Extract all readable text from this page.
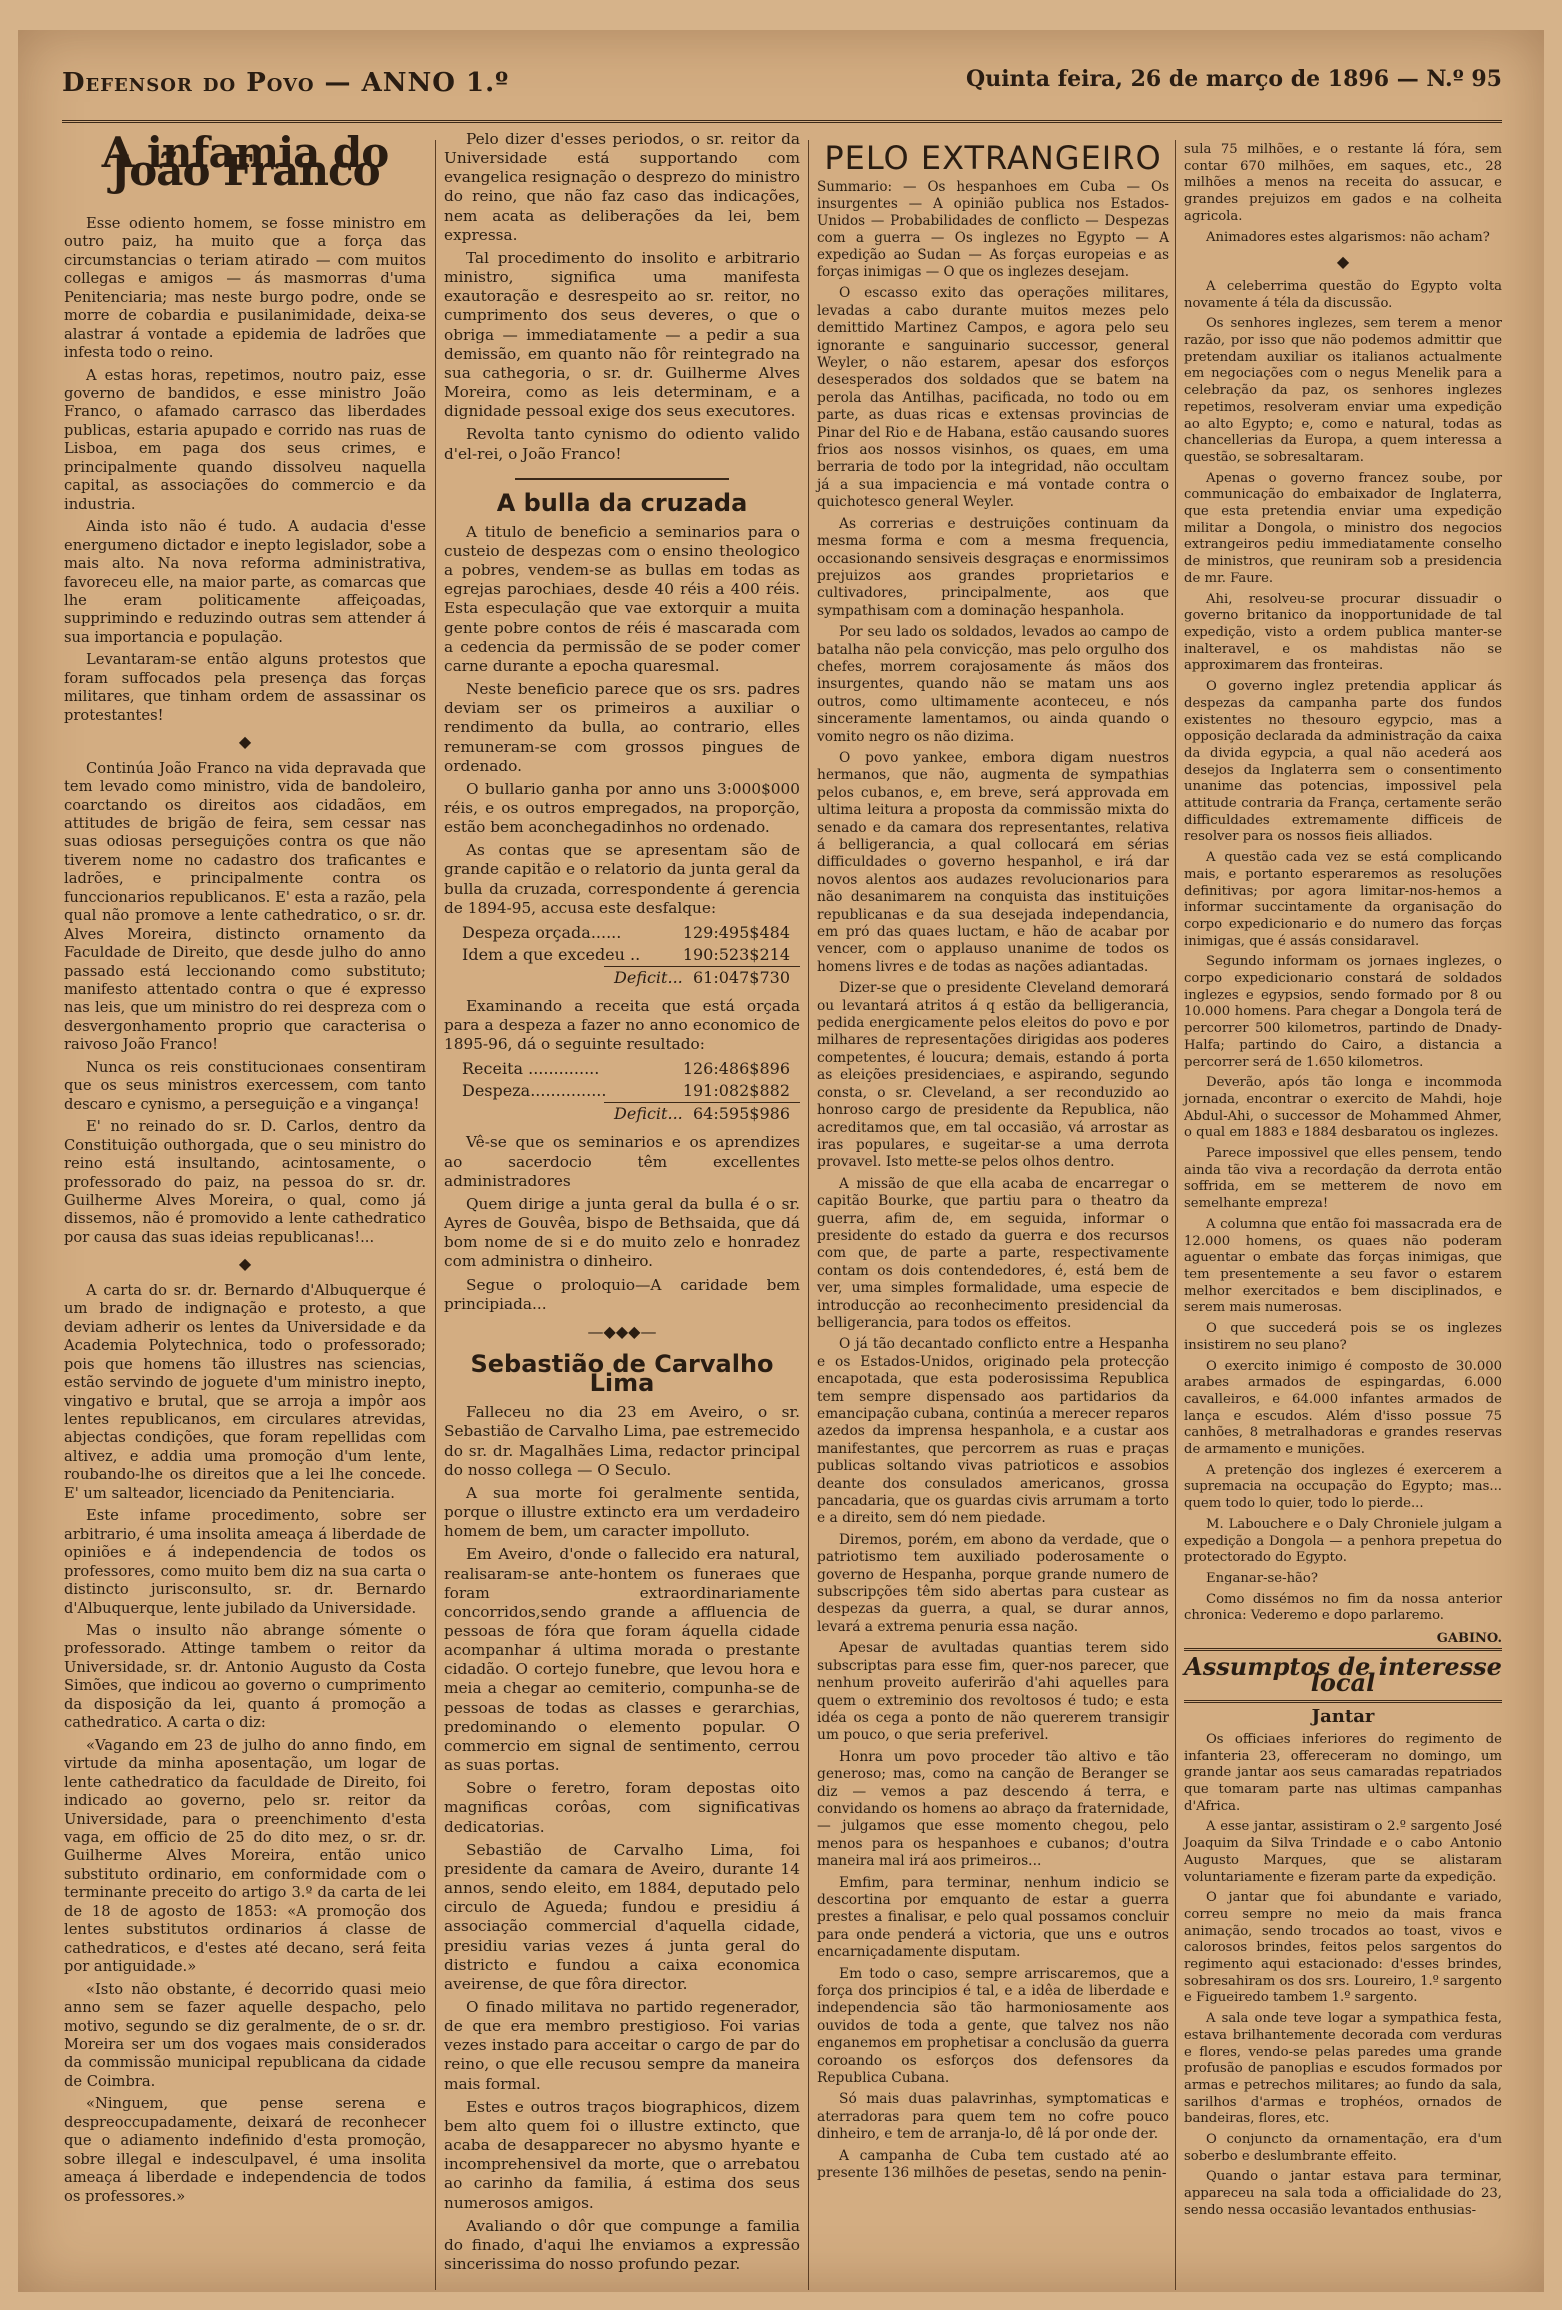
Defensor do Povo — ANNO 1.º	Quinta feira, 26 de março de 1896 — N.º 95
A infamia do João Franco

Esse odiento homem, se fosse ministro em outro paiz, ha muito que a força das circumstancias o teriam atirado — com muitos collegas e amigos — ás masmorras d'uma Penitenciaria; mas neste burgo podre, onde se morre de cobardia e pusilanimidade, deixa-se alastrar á vontade a epidemia de ladrões que infesta todo o reino.

A estas horas, repetimos, noutro paiz, esse governo de bandidos, e esse ministro João Franco, o afamado carrasco das liberdades publicas, estaria apupado e corrido nas ruas de Lisboa, em paga dos seus crimes, e principalmente quando dissolveu naquella capital, as associações do commercio e da industria.

Ainda isto não é tudo. A audacia d'esse energumeno dictador e inepto legislador, sobe a mais alto. Na nova reforma administrativa, favoreceu elle, na maior parte, as comarcas que lhe eram politicamente affeiçoadas, supprimindo e reduzindo outras sem attender á sua importancia e população.

Levantaram-se então alguns protestos que foram suffocados pela presença das forças militares, que tinham ordem de assassinar os protestantes!

◆

Continúa João Franco na vida depravada que tem levado como ministro, vida de bandoleiro, coarctando os direitos aos cidadãos, em attitudes de brigão de feira, sem cessar nas suas odiosas perseguições contra os que não tiverem nome no cadastro dos traficantes e ladrões, e principalmente contra os funccionarios republicanos. E' esta a razão, pela qual não promove a lente cathedratico, o sr. dr. Alves Moreira, distincto ornamento da Faculdade de Direito, que desde julho do anno passado está leccionando como substituto; manifesto attentado contra o que é expresso nas leis, que um ministro do rei despreza com o desvergonhamento proprio que caracterisa o raivoso João Franco!

Nunca os reis constitucionaes consentiram que os seus ministros exercessem, com tanto descaro e cynismo, a perseguição e a vingança!

E' no reinado do sr. D. Carlos, dentro da Constituição outhorgada, que o seu ministro do reino está insultando, acintosamente, o professorado do paiz, na pessoa do sr. dr. Guilherme Alves Moreira, o qual, como já dissemos, não é promovido a lente cathedratico por causa das suas ideias republicanas!...

◆

A carta do sr. dr. Bernardo d'Albuquerque é um brado de indignação e protesto, a que deviam adherir os lentes da Universidade e da Academia Polytechnica, todo o professorado; pois que homens tão illustres nas sciencias, estão servindo de joguete d'um ministro inepto, vingativo e brutal, que se arroja a impôr aos lentes republicanos, em circulares atrevidas, abjectas condições, que foram repellidas com altivez, e addia uma promoção d'um lente, roubando-lhe os direitos que a lei lhe concede. E' um salteador, licenciado da Penitenciaria.

Este infame procedimento, sobre ser arbitrario, é uma insolita ameaça á liberdade de opiniões e á independencia de todos os professores, como muito bem diz na sua carta o distincto jurisconsulto, sr. dr. Bernardo d'Albuquerque, lente jubilado da Universidade.

Mas o insulto não abrange sómente o professorado. Attinge tambem o reitor da Universidade, sr. dr. Antonio Augusto da Costa Simões, que indicou ao governo o cumprimento da disposição da lei, quanto á promoção a cathedratico. A carta o diz:

«Vagando em 23 de julho do anno findo, em virtude da minha aposentação, um logar de lente cathedratico da faculdade de Direito, foi indicado ao governo, pelo sr. reitor da Universidade, para o preenchimento d'esta vaga, em officio de 25 do dito mez, o sr. dr. Guilherme Alves Moreira, então unico substituto ordinario, em conformidade com o terminante preceito do artigo 3.º da carta de lei de 18 de agosto de 1853: «A promoção dos lentes substitutos ordinarios á classe de cathedraticos, e d'estes até decano, será feita por antiguidade.»

«Isto não obstante, é decorrido quasi meio anno sem se fazer aquelle despacho, pelo motivo, segundo se diz geralmente, de o sr. dr. Moreira ser um dos vogaes mais considerados da commissão municipal republicana da cidade de Coimbra.

«Ninguem, que pense serena e despreoccupadamente, deixará de reconhecer que o adiamento indefinido d'esta promoção, sobre illegal e indesculpavel, é uma insolita ameaça á liberdade e independencia de todos os professores.»

Pelo dizer d'esses periodos, o sr. reitor da Universidade está supportando com evangelica resignação o desprezo do ministro do reino, que não faz caso das indicações, nem acata as deliberações da lei, bem expressa.

Tal procedimento do insolito e arbitrario ministro, significa uma manifesta exautoração e desrespeito ao sr. reitor, no cumprimento dos seus deveres, o que o obriga — immediatamente — a pedir a sua demissão, em quanto não fôr reintegrado na sua cathegoria, o sr. dr. Guilherme Alves Moreira, como as leis determinam, e a dignidade pessoal exige dos seus executores.

Revolta tanto cynismo do odiento valido d'el-rei, o João Franco!

A bulla da cruzada

A titulo de beneficio a seminarios para o custeio de despezas com o ensino theologico a pobres, vendem-se as bullas em todas as egrejas parochiaes, desde 40 réis a 400 réis. Esta especulação que vae extorquir a muita gente pobre contos de réis é mascarada com a cedencia da permissão de se poder comer carne durante a epocha quaresmal.

Neste beneficio parece que os srs. padres deviam ser os primeiros a auxiliar o rendimento da bulla, ao contrario, elles remuneram-se com grossos pingues de ordenado.

O bullario ganha por anno uns 3:000$000 réis, e os outros empregados, na proporção, estão bem aconchegadinhos no ordenado.

As contas que se apresentam são de grande capitão e o relatorio da junta geral da bulla da cruzada, correspondente á gerencia de 1894-95, accusa este desfalque:

Despeza orçada......	129:495$484
Idem a que excedeu ..	190:523$214
Deficit... 61:047$730

Examinando a receita que está orçada para a despeza a fazer no anno economico de 1895-96, dá o seguinte resultado:

Receita ..............	126:486$896
Despeza...............	191:082$882
Deficit... 64:595$986

Vê-se que os seminarios e os aprendizes ao sacerdocio têm excellentes administradores

Quem dirige a junta geral da bulla é o sr. Ayres de Gouvêa, bispo de Bethsaida, que dá bom nome de si e do muito zelo e honradez com administra o dinheiro.

Segue o proloquio—A caridade bem principiada...

—◆◆◆—
Sebastião de Carvalho Lima

Falleceu no dia 23 em Aveiro, o sr. Sebastião de Carvalho Lima, pae estremecido do sr. dr. Magalhães Lima, redactor principal do nosso collega — O Seculo.

A sua morte foi geralmente sentida, porque o illustre extincto era um verdadeiro homem de bem, um caracter impolluto.

Em Aveiro, d'onde o fallecido era natural, realisaram-se ante-hontem os funeraes que foram extraordinariamente concorridos,sendo grande a affluencia de pessoas de fóra que foram áquella cidade acompanhar á ultima morada o prestante cidadão. O cortejo funebre, que levou hora e meia a chegar ao cemiterio, compunha-se de pessoas de todas as classes e gerarchias, predominando o elemento popular. O commercio em signal de sentimento, cerrou as suas portas.

Sobre o feretro, foram depostas oito magnificas corôas, com significativas dedicatorias.

Sebastião de Carvalho Lima, foi presidente da camara de Aveiro, durante 14 annos, sendo eleito, em 1884, deputado pelo circulo de Agueda; fundou e presidiu á associação commercial d'aquella cidade, presidiu varias vezes á junta geral do districto e fundou a caixa economica aveirense, de que fôra director.

O finado militava no partido regenerador, de que era membro prestigioso. Foi varias vezes instado para acceitar o cargo de par do reino, o que elle recusou sempre da maneira mais formal.

Estes e outros traços biographicos, dizem bem alto quem foi o illustre extincto, que acaba de desapparecer no abysmo hyante e incomprehensivel da morte, que o arrebatou ao carinho da familia, á estima dos seus numerosos amigos.

Avaliando o dôr que compunge a familia do finado, d'aqui lhe enviamos a expressão sincerissima do nosso profundo pezar.

PELO EXTRANGEIRO

Summario: — Os hespanhoes em Cuba — Os insurgentes — A opinião publica nos Estados-Unidos — Probabilidades de conflicto — Despezas com a guerra — Os inglezes no Egypto — A expedição ao Sudan — As forças europeias e as forças inimigas — O que os inglezes desejam.

O escasso exito das operações militares, levadas a cabo durante muitos mezes pelo demittido Martinez Campos, e agora pelo seu ignorante e sanguinario successor, general Weyler, o não estarem, apesar dos esforços desesperados dos soldados que se batem na perola das Antilhas, pacificada, no todo ou em parte, as duas ricas e extensas provincias de Pinar del Rio e de Habana, estão causando suores frios aos nossos visinhos, os quaes, em uma berraria de todo por la integridad, não occultam já a sua impaciencia e má vontade contra o quichotesco general Weyler.

As correrias e destruições continuam da mesma forma e com a mesma frequencia, occasionando sensiveis desgraças e enormissimos prejuizos aos grandes proprietarios e cultivadores, principalmente, aos que sympathisam com a dominação hespanhola.

Por seu lado os soldados, levados ao campo de batalha não pela convicção, mas pelo orgulho dos chefes, morrem corajosamente ás mãos dos insurgentes, quando não se matam uns aos outros, como ultimamente aconteceu, e nós sinceramente lamentamos, ou ainda quando o vomito negro os não dizima.

O povo yankee, embora digam nuestros hermanos, que não, augmenta de sympathias pelos cubanos, e, em breve, será approvada em ultima leitura a proposta da commissão mixta do senado e da camara dos representantes, relativa á belligerancia, a qual collocará em sérias difficuldades o governo hespanhol, e irá dar novos alentos aos audazes revolucionarios para não desanimarem na conquista das instituições republicanas e da sua desejada independancia, em pró das quaes luctam, e hão de acabar por vencer, com o applauso unanime de todos os homens livres e de todas as nações adiantadas.

Dizer-se que o presidente Cleveland demorará ou levantará atritos á q estão da belligerancia, pedida energicamente pelos eleitos do povo e por milhares de representações dirigidas aos poderes competentes, é loucura; demais, estando á porta as eleições presidenciaes, e aspirando, segundo consta, o sr. Cleveland, a ser reconduzido ao honroso cargo de presidente da Republica, não acreditamos que, em tal occasião, vá arrostar as iras populares, e sugeitar-se a uma derrota provavel. Isto mette-se pelos olhos dentro.

A missão de que ella acaba de encarregar o capitão Bourke, que partiu para o theatro da guerra, afim de, em seguida, informar o presidente do estado da guerra e dos recursos com que, de parte a parte, respectivamente contam os dois contendedores, é, está bem de ver, uma simples formalidade, uma especie de introducção ao reconhecimento presidencial da belligerancia, para todos os effeitos.

O já tão decantado conflicto entre a Hespanha e os Estados-Unidos, originado pela protecção encapotada, que esta poderosissima Republica tem sempre dispensado aos partidarios da emancipação cubana, continúa a merecer reparos azedos da imprensa hespanhola, e a custar aos manifestantes, que percorrem as ruas e praças publicas soltando vivas patrioticos e assobios deante dos consulados americanos, grossa pancadaria, que os guardas civis arrumam a torto e a direito, sem dó nem piedade.

Diremos, porém, em abono da verdade, que o patriotismo tem auxiliado poderosamente o governo de Hespanha, porque grande numero de subscripções têm sido abertas para custear as despezas da guerra, a qual, se durar annos, levará a extrema penuria essa nação.

Apesar de avultadas quantias terem sido subscriptas para esse fim, quer-nos parecer, que nenhum proveito auferirão d'ahi aquelles para quem o extreminio dos revoltosos é tudo; e esta idéa os cega a ponto de não quererem transigir um pouco, o que seria preferivel.

Honra um povo proceder tão altivo e tão generoso; mas, como na canção de Beranger se diz — vemos a paz descendo á terra, e convidando os homens ao abraço da fraternidade, — julgamos que esse momento chegou, pelo menos para os hespanhoes e cubanos; d'outra maneira mal irá aos primeiros...

Emfim, para terminar, nenhum indicio se descortina por emquanto de estar a guerra prestes a finalisar, e pelo qual possamos concluir para onde penderá a victoria, que uns e outros encarniçadamente disputam.

Em todo o caso, sempre arriscaremos, que a força dos principios é tal, e a idêa de liberdade e independencia são tão harmoniosamente aos ouvidos de toda a gente, que talvez nos não enganemos em prophetisar a conclusão da guerra coroando os esforços dos defensores da Republica Cubana.

Só mais duas palavrinhas, symptomaticas e aterradoras para quem tem no cofre pouco dinheiro, e tem de arranja-lo, dê lá por onde der.

A campanha de Cuba tem custado até ao presente 136 milhões de pesetas, sendo na penin-

sula 75 milhões, e o restante lá fóra, sem contar 670 milhões, em saques, etc., 28 milhões a menos na receita do assucar, e grandes prejuizos em gados e na colheita agricola.

Animadores estes algarismos: não acham?

◆

A celeberrima questão do Egypto volta novamente á téla da discussão.

Os senhores inglezes, sem terem a menor razão, por isso que não podemos admittir que pretendam auxiliar os italianos actualmente em negociações com o negus Menelik para a celebração da paz, os senhores inglezes repetimos, resolveram enviar uma expedição ao alto Egypto; e, como e natural, todas as chancellerias da Europa, a quem interessa a questão, se sobresaltaram.

Apenas o governo francez soube, por communicação do embaixador de Inglaterra, que esta pretendia enviar uma expedição militar a Dongola, o ministro dos negocios extrangeiros pediu immediatamente conselho de ministros, que reuniram sob a presidencia de mr. Faure.

Ahi, resolveu-se procurar dissuadir o governo britanico da inopportunidade de tal expedição, visto a ordem publica manter-se inalteravel, e os mahdistas não se approximarem das fronteiras.

O governo inglez pretendia applicar ás despezas da campanha parte dos fundos existentes no thesouro egypcio, mas a opposição declarada da administração da caixa da divida egypcia, a qual não acederá aos desejos da Inglaterra sem o consentimento unanime das potencias, impossivel pela attitude contraria da França, certamente serão difficuldades extremamente difficeis de resolver para os nossos fieis alliados.

A questão cada vez se está complicando mais, e portanto esperaremos as resoluções definitivas; por agora limitar-nos-hemos a informar succintamente da organisação do corpo expedicionario e do numero das forças inimigas, que é assás considaravel.

Segundo informam os jornaes inglezes, o corpo expedicionario constará de soldados inglezes e egypsios, sendo formado por 8 ou 10.000 homens. Para chegar a Dongola terá de percorrer 500 kilometros, partindo de Dnady-Halfa; partindo do Cairo, a distancia a percorrer será de 1.650 kilometros.

Deverão, após tão longa e incommoda jornada, encontrar o exercito de Mahdi, hoje Abdul-Ahi, o successor de Mohammed Ahmer, o qual em 1883 e 1884 desbaratou os inglezes.

Parece impossivel que elles pensem, tendo ainda tão viva a recordação da derrota então soffrida, em se metterem de novo em semelhante empreza!

A columna que então foi massacrada era de 12.000 homens, os quaes não poderam aguentar o embate das forças inimigas, que tem presentemente a seu favor o estarem melhor exercitados e bem disciplinados, e serem mais numerosas.

O que succederá pois se os inglezes insistirem no seu plano?

O exercito inimigo é composto de 30.000 arabes armados de espingardas, 6.000 cavalleiros, e 64.000 infantes armados de lança e escudos. Além d'isso possue 75 canhões, 8 metralhadoras e grandes reservas de armamento e munições.

A pretenção dos inglezes é exercerem a supremacia na occupação do Egypto; mas... quem todo lo quier, todo lo pierde...

M. Labouchere e o Daly Chroniele julgam a expedição a Dongola — a penhora prepetua do protectorado do Egypto.

Enganar-se-hão?

Como dissémos no fim da nossa anterior chronica: Vederemo e dopo parlaremo.

GABINO.
Assumptos de interesse local
Jantar

Os officiaes inferiores do regimento de infanteria 23, offereceram no domingo, um grande jantar aos seus camaradas repatriados que tomaram parte nas ultimas campanhas d'Africa.

A esse jantar, assistiram o 2.º sargento José Joaquim da Silva Trindade e o cabo Antonio Augusto Marques, que se alistaram voluntariamente e fizeram parte da expedição.

O jantar que foi abundante e variado, correu sempre no meio da mais franca animação, sendo trocados ao toast, vivos e calorosos brindes, feitos pelos sargentos do regimento aqui estacionado: d'esses brindes, sobresahiram os dos srs. Loureiro, 1.º sargento e Figueiredo tambem 1.º sargento.

A sala onde teve logar a sympathica festa, estava brilhantemente decorada com verduras e flores, vendo-se pelas paredes uma grande profusão de panoplias e escudos formados por armas e petrechos militares; ao fundo da sala, sarilhos d'armas e trophéos, ornados de bandeiras, flores, etc.

O conjuncto da ornamentação, era d'um soberbo e deslumbrante effeito.

Quando o jantar estava para terminar, appareceu na sala toda a officialidade do 23, sendo nessa occasião levantados enthusias-
